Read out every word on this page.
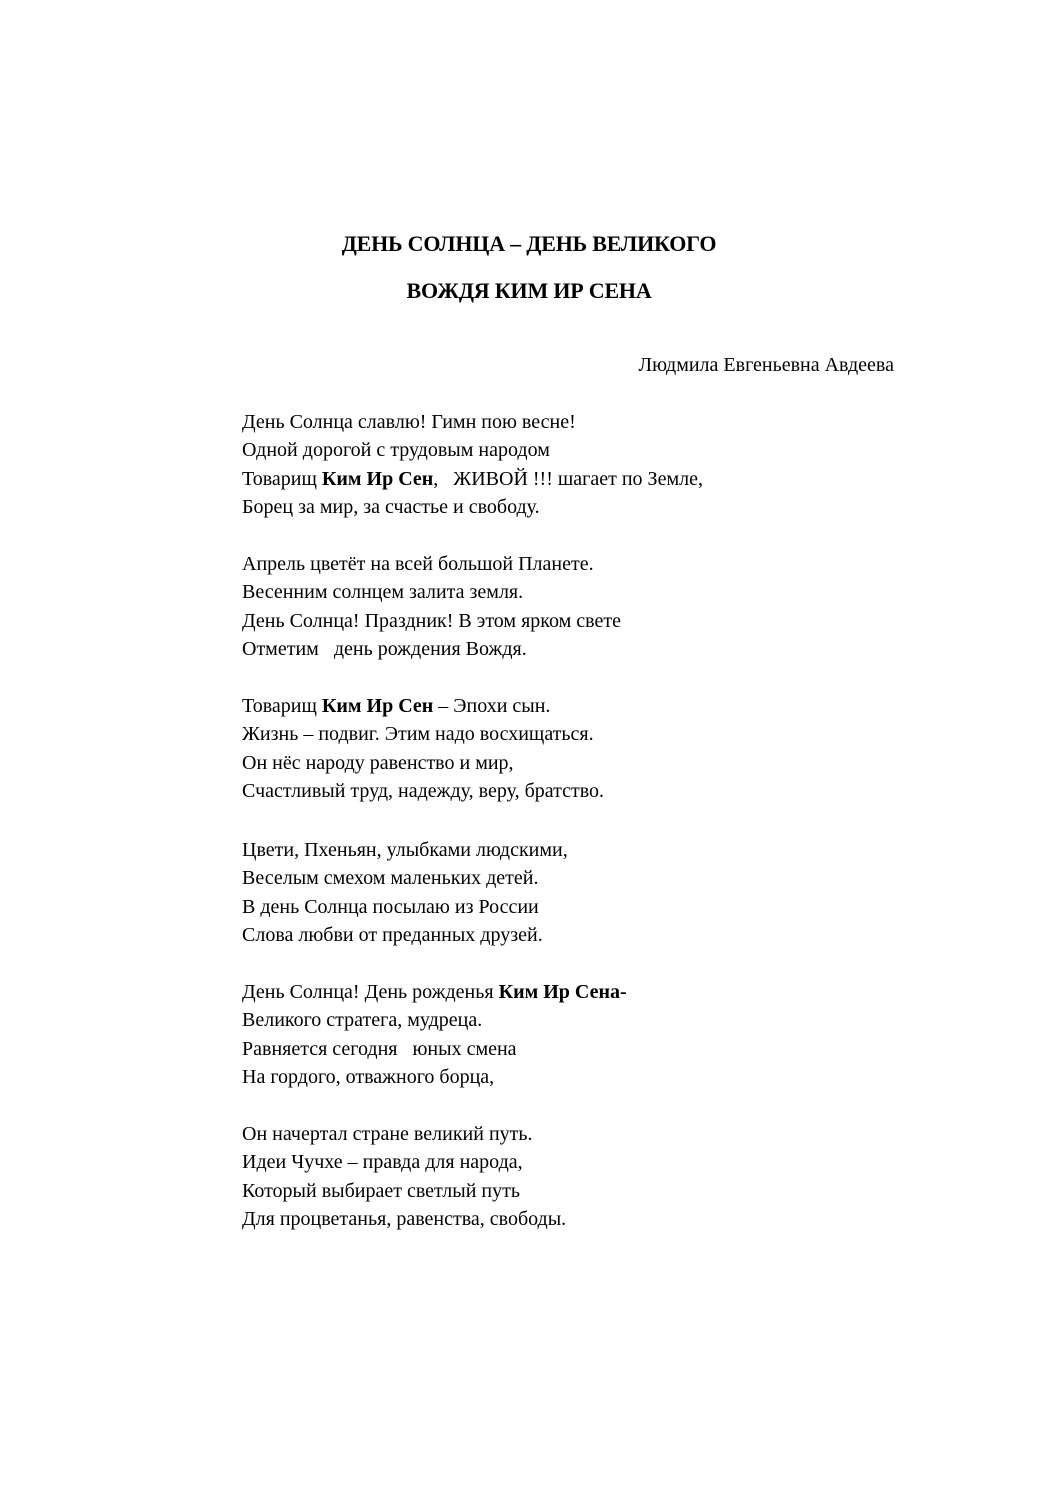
ДЕНЬ СОЛНЦА – ДЕНЬ ВЕЛИКОГО
ВОЖДЯ КИМ ИР СЕНА
Людмила Евгеньевна Авдеева
День Солнца славлю! Гимн пою весне!
Одной дорогой с трудовым народом
Товарищ Ким Ир Сен,   ЖИВОЙ !!! шагает по Земле,
Борец за мир, за счастье и свободу.
Апрель цветёт на всей большой Планете.
Весенним солнцем залита земля.
День Солнца! Праздник! В этом ярком свете
Отметим   день рождения Вождя.
Товарищ Ким Ир Сен – Эпохи сын.
Жизнь – подвиг. Этим надо восхищаться.
Он нёс народу равенство и мир,
Счастливый труд, надежду, веру, братство.
Цвети, Пхеньян, улыбками людскими,
Веселым смехом маленьких детей.
В день Солнца посылаю из России
Слова любви от преданных друзей.
День Солнца! День рожденья Ким Ир Сена-
Великого стратега, мудреца.
Равняется сегодня   юных смена
На гордого, отважного борца,
Он начертал стране великий путь.
Идеи Чучхе – правда для народа,
Который выбирает светлый путь
Для процветанья, равенства, свободы.
